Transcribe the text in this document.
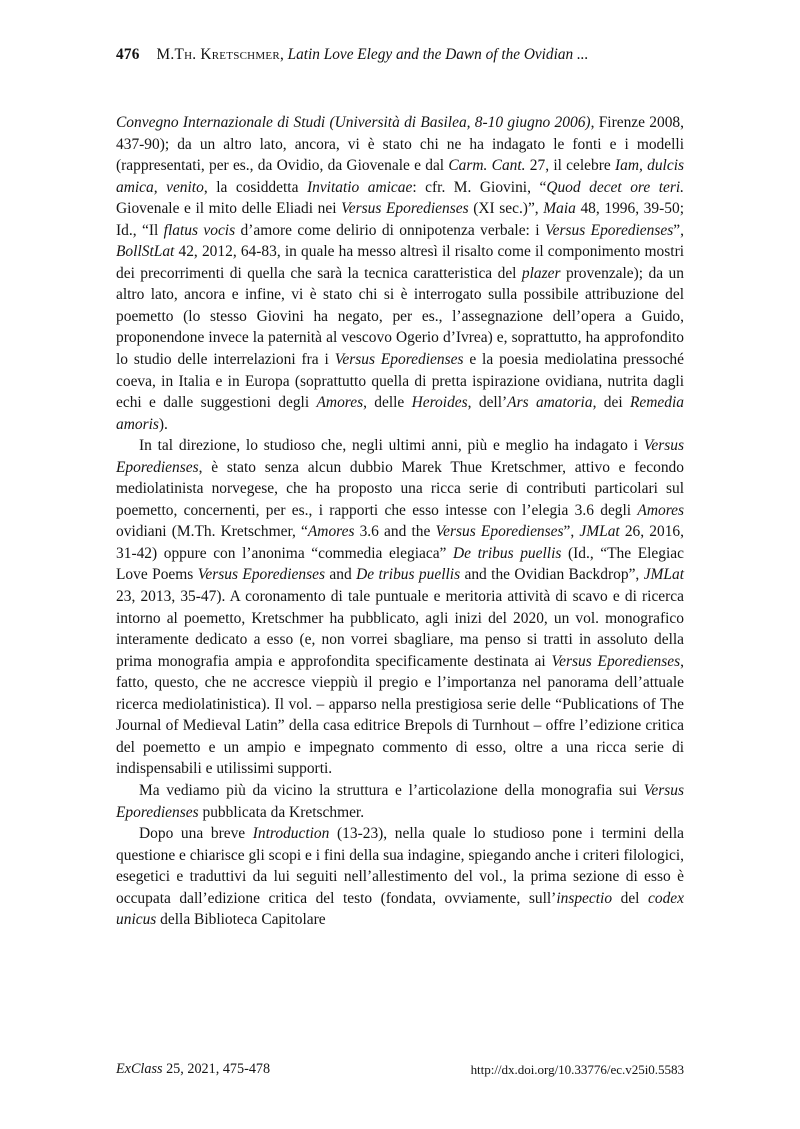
476 M.Th. Kretschmer, Latin Love Elegy and the Dawn of the Ovidian ...

Convegno Internazionale di Studi (Università di Basilea, 8-10 giugno 2006), Firenze 2008, 437-90); da un altro lato, ancora, vi è stato chi ne ha indagato le fonti e i modelli (rappresentati, per es., da Ovidio, da Giovenale e dal Carm. Cant. 27, il celebre Iam, dulcis amica, venito, la cosiddetta Invitatio amicae: cfr. M. Giovini, “Quod decet ore teri. Giovenale e il mito delle Eliadi nei Versus Eporedienses (XI sec.)”, Maia 48, 1996, 39-50; Id., “Il flatus vocis d’amore come delirio di onnipotenza verbale: i Versus Eporedienses”, BollStLat 42, 2012, 64-83, in quale ha messo altresì il risalto come il componimento mostri dei precorrimenti di quella che sarà la tecnica caratteristica del plazer provenzale); da un altro lato, ancora e infine, vi è stato chi si è interrogato sulla possibile attribuzione del poemetto (lo stesso Giovini ha negato, per es., l’assegnazione dell’opera a Guido, proponendone invece la paternità al vescovo Ogerio d’Ivrea) e, soprattutto, ha approfondito lo studio delle interrelazioni fra i Versus Eporedienses e la poesia mediolatina pressoché coeva, in Italia e in Europa (soprattutto quella di pretta ispirazione ovidiana, nutrita dagli echi e dalle suggestioni degli Amores, delle Heroides, dell’Ars amatoria, dei Remedia amoris).

In tal direzione, lo studioso che, negli ultimi anni, più e meglio ha indagato i Versus Eporedienses, è stato senza alcun dubbio Marek Thue Kretschmer, attivo e fecondo mediolatinista norvegese, che ha proposto una ricca serie di contributi particolari sul poemetto, concernenti, per es., i rapporti che esso intesse con l’elegia 3.6 degli Amores ovidiani (M.Th. Kretschmer, “Amores 3.6 and the Versus Eporedienses”, JMLat 26, 2016, 31-42) oppure con l’anonima “commedia elegiaca” De tribus puellis (Id., “The Elegiac Love Poems Versus Eporedienses and De tribus puellis and the Ovidian Backdrop”, JMLat 23, 2013, 35-47). A coronamento di tale puntuale e meritoria attività di scavo e di ricerca intorno al poemetto, Kretschmer ha pubblicato, agli inizi del 2020, un vol. monografico interamente dedicato a esso (e, non vorrei sbagliare, ma penso si tratti in assoluto della prima monografia ampia e approfondita specificamente destinata ai Versus Eporedienses, fatto, questo, che ne accresce vieppiù il pregio e l’importanza nel panorama dell’attuale ricerca mediolatinistica). Il vol. – apparso nella prestigiosa serie delle “Publications of The Journal of Medieval Latin” della casa editrice Brepols di Turnhout – offre l’edizione critica del poemetto e un ampio e impegnato commento di esso, oltre a una ricca serie di indispensabili e utilissimi supporti.

Ma vediamo più da vicino la struttura e l’articolazione della monografia sui Versus Eporedienses pubblicata da Kretschmer.

Dopo una breve Introduction (13-23), nella quale lo studioso pone i termini della questione e chiarisce gli scopi e i fini della sua indagine, spiegando anche i criteri filologici, esegetici e traduttivi da lui seguiti nell’allestimento del vol., la prima sezione di esso è occupata dall’edizione critica del testo (fondata, ovviamente, sull’inspectio del codex unicus della Biblioteca Capitolare

ExClass 25, 2021, 475-478	http://dx.doi.org/10.33776/ec.v25i0.5583
